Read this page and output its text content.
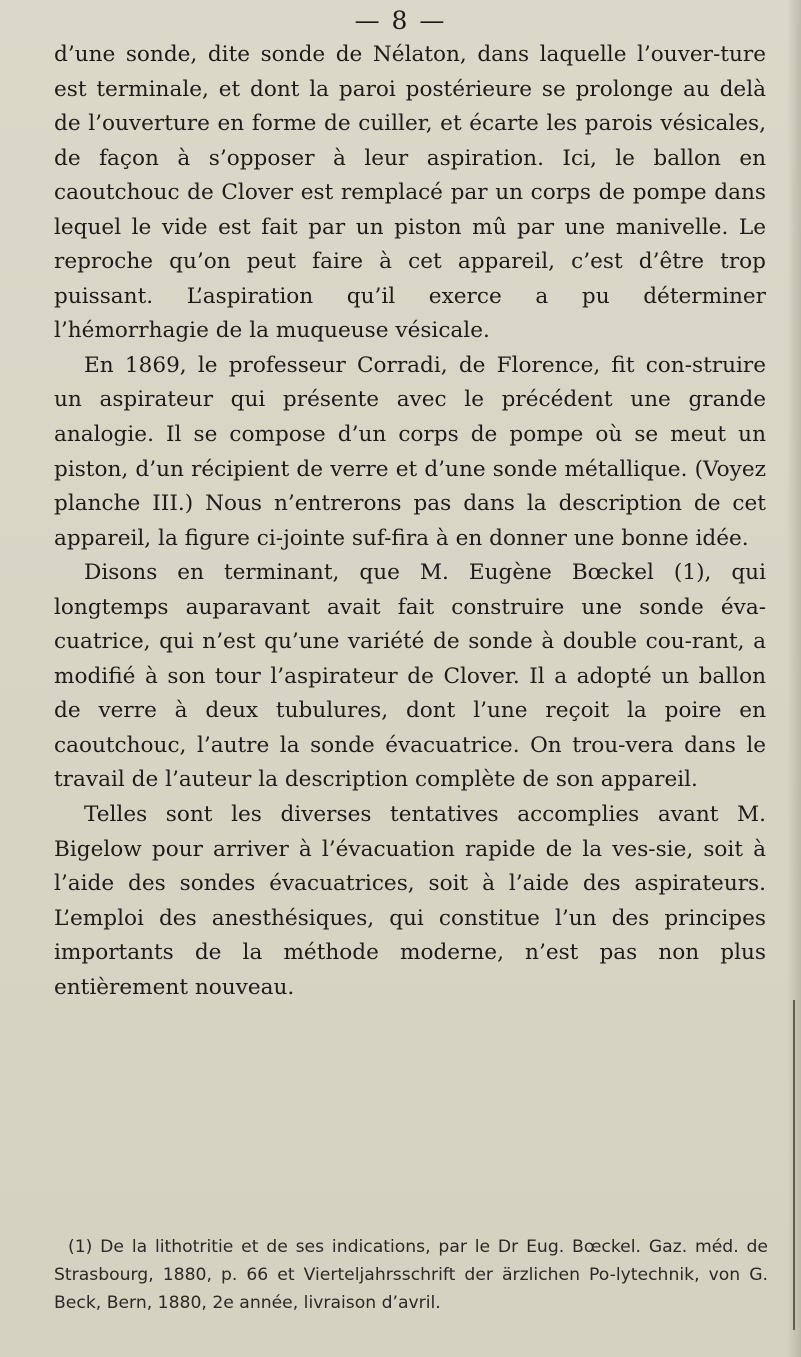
— 8 —

d’une sonde, dite sonde de Nélaton, dans laquelle l’ouver-ture est terminale, et dont la paroi postérieure se prolonge au delà de l’ouverture en forme de cuiller, et écarte les parois vésicales, de façon à s’opposer à leur aspiration. Ici, le ballon en caoutchouc de Clover est remplacé par un corps de pompe dans lequel le vide est fait par un piston mû par une manivelle. Le reproche qu’on peut faire à cet appareil, c’est d’être trop puissant. L’aspiration qu’il exerce a pu déterminer l’hémorrhagie de la muqueuse vésicale.

En 1869, le professeur Corradi, de Florence, fit con-struire un aspirateur qui présente avec le précédent une grande analogie. Il se compose d’un corps de pompe où se meut un piston, d’un récipient de verre et d’une sonde métallique. (Voyez planche III.) Nous n’entrerons pas dans la description de cet appareil, la figure ci-jointe suf-fira à en donner une bonne idée.

Disons en terminant, que M. Eugène Bœckel (1), qui longtemps auparavant avait fait construire une sonde éva-cuatrice, qui n’est qu’une variété de sonde à double cou-rant, a modifié à son tour l’aspirateur de Clover. Il a adopté un ballon de verre à deux tubulures, dont l’une reçoit la poire en caoutchouc, l’autre la sonde évacuatrice. On trou-vera dans le travail de l’auteur la description complète de son appareil.

Telles sont les diverses tentatives accomplies avant M. Bigelow pour arriver à l’évacuation rapide de la ves-sie, soit à l’aide des sondes évacuatrices, soit à l’aide des aspirateurs. L’emploi des anesthésiques, qui constitue l’un des principes importants de la méthode moderne, n’est pas non plus entièrement nouveau.

(1) De la lithotritie et de ses indications, par le Dr Eug. Bœckel. Gaz. méd. de Strasbourg, 1880, p. 66 et Vierteljahrsschrift der ärzlichen Po-lytechnik, von G. Beck, Bern, 1880, 2e année, livraison d’avril.
